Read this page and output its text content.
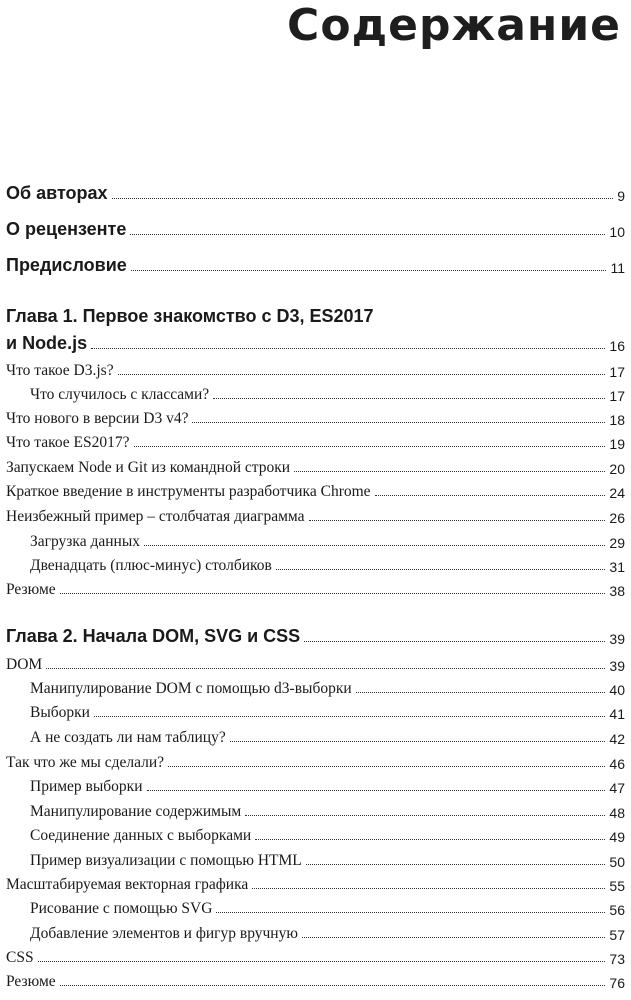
Содержание
Об авторах	9
О рецензенте	10
Предисловие	11
Глава 1. Первое знакомство с D3, ES2017
и Node.js	16
Что такое D3.js?	17
Что случилось с классами?	17
Что нового в версии D3 v4?	18
Что такое ES2017?	19
Запускаем Node и Git из командной строки	20
Краткое введение в инструменты разработчика Chrome	24
Неизбежный пример – столбчатая диаграмма	26
Загрузка данных	29
Двенадцать (плюс-минус) столбиков	31
Резюме	38
Глава 2. Начала DOM, SVG и CSS	39
DOM	39
Манипулирование DOM с помощью d3-выборки	40
Выборки	41
А не создать ли нам таблицу?	42
Так что же мы сделали?	46
Пример выборки	47
Манипулирование содержимым	48
Соединение данных с выборками	49
Пример визуализации с помощью HTML	50
Масштабируемая векторная графика	55
Рисование с помощью SVG	56
Добавление элементов и фигур вручную	57
CSS	73
Резюме	76
